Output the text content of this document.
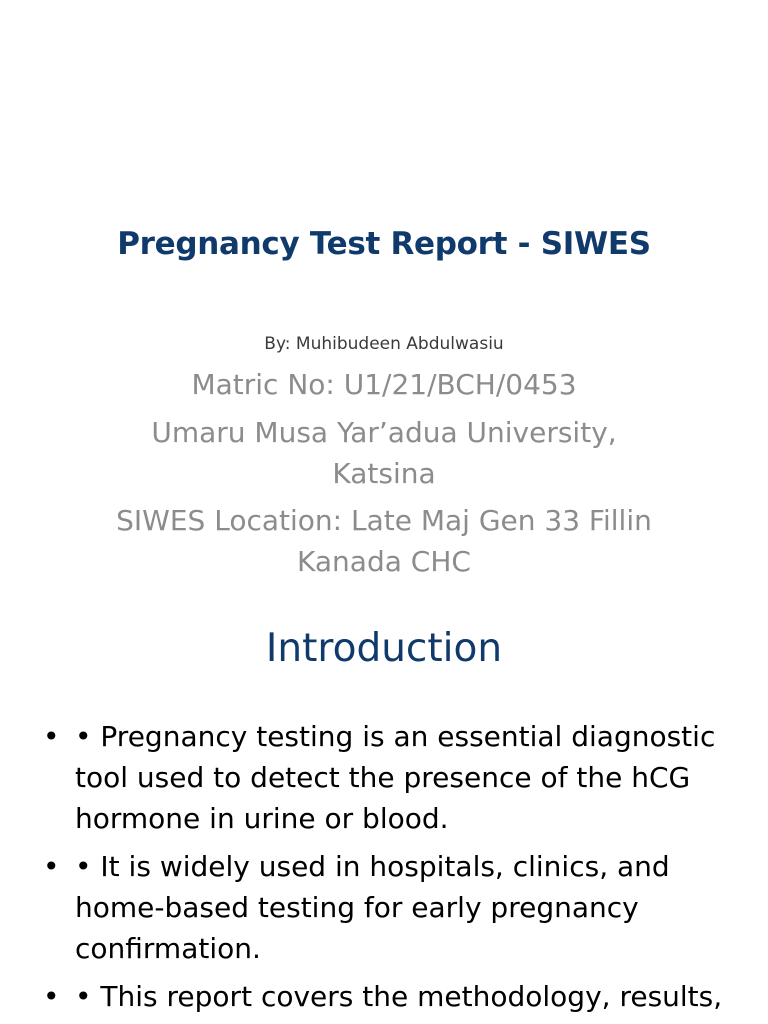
Pregnancy Test Report - SIWES

By: Muhibudeen Abdulwasiu

Matric No: U1/21/BCH/0453

Umaru Musa Yar’adua University, Katsina

SIWES Location: Late Maj Gen 33 Fillin Kanada CHC

Introduction
• • Pregnancy testing is an essential diagnostic tool used to detect the presence of the hCG hormone in urine or blood.
• • It is widely used in hospitals, clinics, and home-based testing for early pregnancy confirmation.
• • This report covers the methodology, results,
